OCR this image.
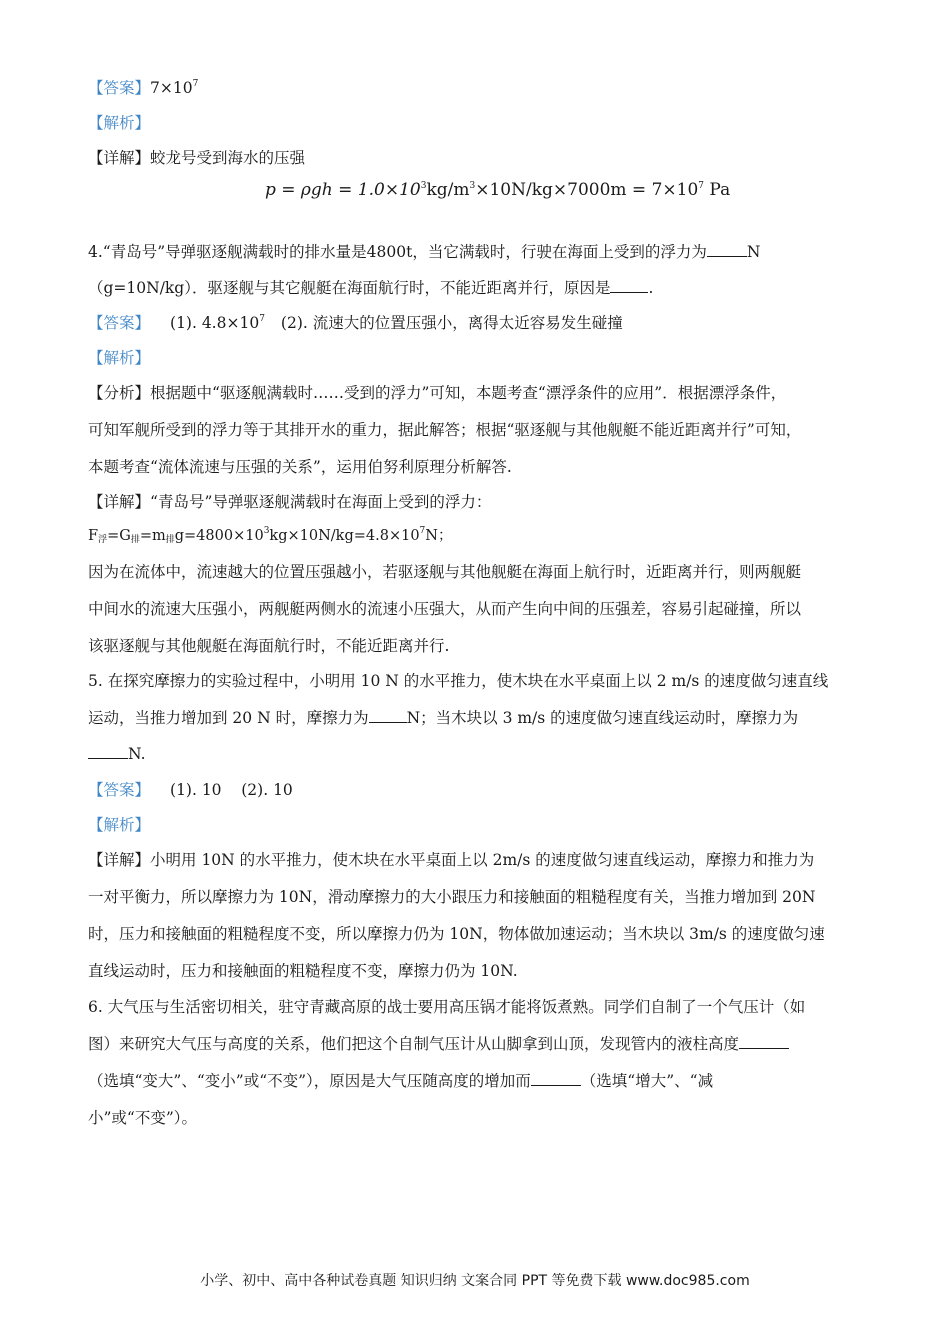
【答案】$7\times 10^7$
【解析】
【详解】蛟龙号受到海水的压强
$p = \rho gh = 1.0\times 10^3kg/m^3\times 10N/kg\times 7000m = 7\times 10^7$ Pa
4.“青岛号”导弹驱逐舰满载时的排水量是4800t，当它满载时，行驶在海面上受到的浮力为	N
（g=10N/kg）．驱逐舰与其它舰艇在海面航行时，不能近距离并行，原因是 .
【答案】 (1). $4.8\times 10^7$ (2). 流速大的位置压强小，离得太近容易发生碰撞
【解析】
【分析】根据题中“驱逐舰满载时……受到的浮力”可知，本题考查“漂浮条件的应用”．根据漂浮条件，
可知军舰所受到的浮力等于其排开水的重力，据此解答；根据“驱逐舰与其他舰艇不能近距离并行”可知，
本题考查“流体流速与压强的关系”，运用伯努利原理分析解答.
【详解】“青岛号”导弹驱逐舰满载时在海面上受到的浮力：
$F_浮=G_排=m_排g=4800\times 10^3kg\times 10N/kg=4.8\times 10^7N$；
因为在流体中，流速越大的位置压强越小，若驱逐舰与其他舰艇在海面上航行时，近距离并行，则两舰艇
中间水的流速大压强小，两舰艇两侧水的流速小压强大，从而产生向中间的压强差，容易引起碰撞，所以
该驱逐舰与其他舰艇在海面航行时，不能近距离并行.
5. 在探究摩擦力的实验过程中，小明用 10 N 的水平推力，使木块在水平桌面上以 2 m/s 的速度做匀速直线
运动，当推力增加到 20 N 时，摩擦力为 N；当木块以 3 m/s 的速度做匀速直线运动时，摩擦力为
N.
【答案】 (1). 10    (2). 10
【解析】
【详解】小明用 10N 的水平推力，使木块在水平桌面上以 2m/s 的速度做匀速直线运动，摩擦力和推力为
一对平衡力，所以摩擦力为 10N，滑动摩擦力的大小跟压力和接触面的粗糙程度有关，当推力增加到 20N
时，压力和接触面的粗糙程度不变，所以摩擦力仍为 10N，物体做加速运动；当木块以 3m/s 的速度做匀速
直线运动时，压力和接触面的粗糙程度不变，摩擦力仍为 10N.
6. 大气压与生活密切相关，驻守青藏高原的战士要用高压锅才能将饭煮熟。同学们自制了一个气压计（如
图）来研究大气压与高度的关系，他们把这个自制气压计从山脚拿到山顶，发现管内的液柱高度
（选填“变大”、“变小”或“不变”），原因是大气压随高度的增加而	（选填“增大”、“减
小”或“不变”）。
小学、初中、高中各种试卷真题 知识归纳 文案合同 PPT 等免费下载 www.doc985.com
